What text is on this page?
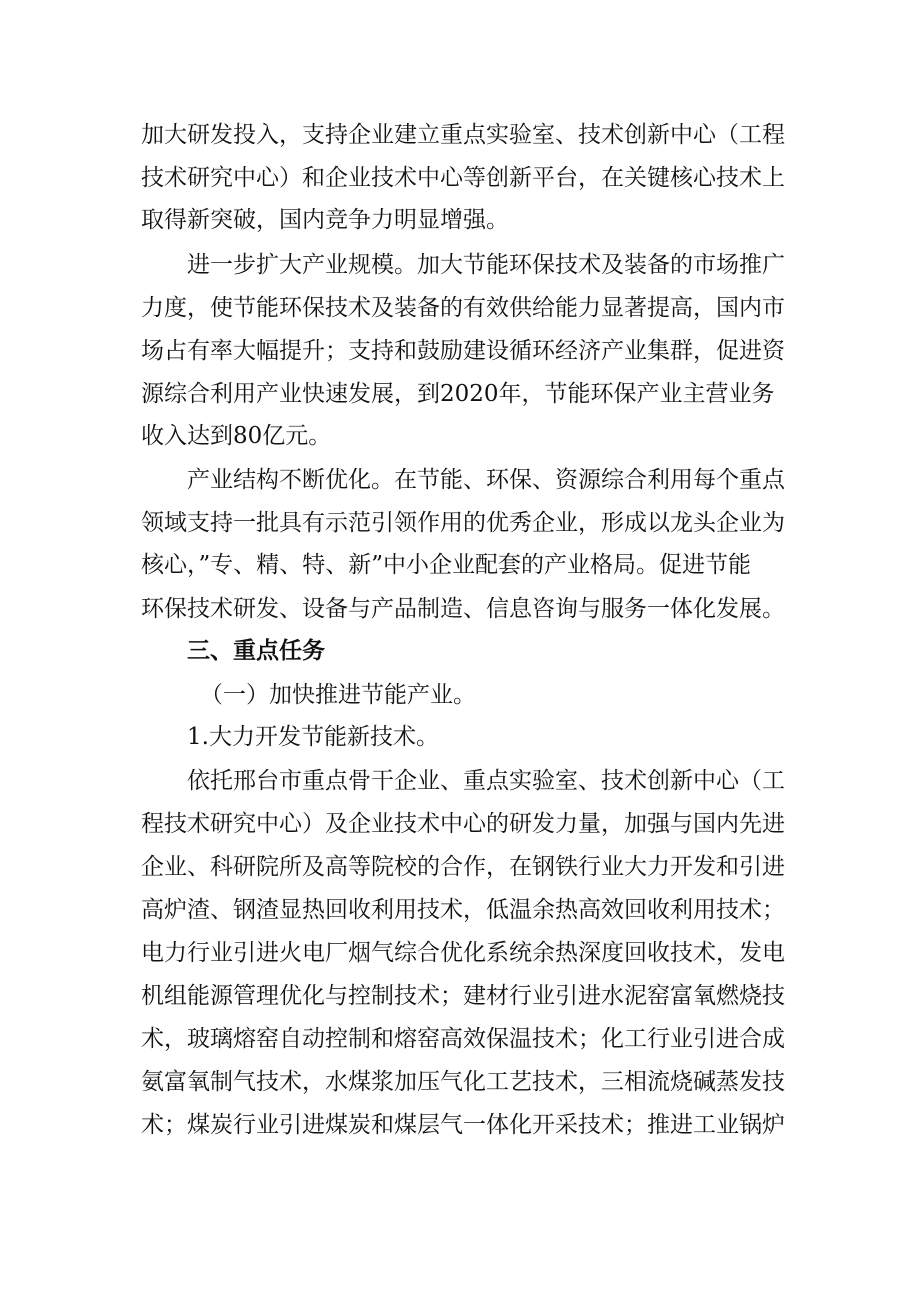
加大研发投入，支持企业建立重点实验室、技术创新中心（工程

技术研究中心）和企业技术中心等创新平台，在关键核心技术上

取得新突破，国内竞争力明显增强。

进一步扩大产业规模。加大节能环保技术及装备的市场推广

力度，使节能环保技术及装备的有效供给能力显著提高，国内市

场占有率大幅提升；支持和鼓励建设循环经济产业集群，促进资

源综合利用产业快速发展，到2020年，节能环保产业主营业务

收入达到80亿元。

产业结构不断优化。在节能、环保、资源综合利用每个重点

领域支持一批具有示范引领作用的优秀企业，形成以龙头企业为

核心，”专、精、特、新”中小企业配套的产业格局。促进节能

环保技术研发、设备与产品制造、信息咨询与服务一体化发展。

三、重点任务

（一）加快推进节能产业。

1.大力开发节能新技术。

依托邢台市重点骨干企业、重点实验室、技术创新中心（工

程技术研究中心）及企业技术中心的研发力量，加强与国内先进

企业、科研院所及高等院校的合作，在钢铁行业大力开发和引进

高炉渣、钢渣显热回收利用技术，低温余热高效回收利用技术；

电力行业引进火电厂烟气综合优化系统余热深度回收技术，发电

机组能源管理优化与控制技术；建材行业引进水泥窑富氧燃烧技

术，玻璃熔窑自动控制和熔窑高效保温技术；化工行业引进合成

氨富氧制气技术，水煤浆加压气化工艺技术，三相流烧碱蒸发技

术；煤炭行业引进煤炭和煤层气一体化开采技术；推进工业锅炉
